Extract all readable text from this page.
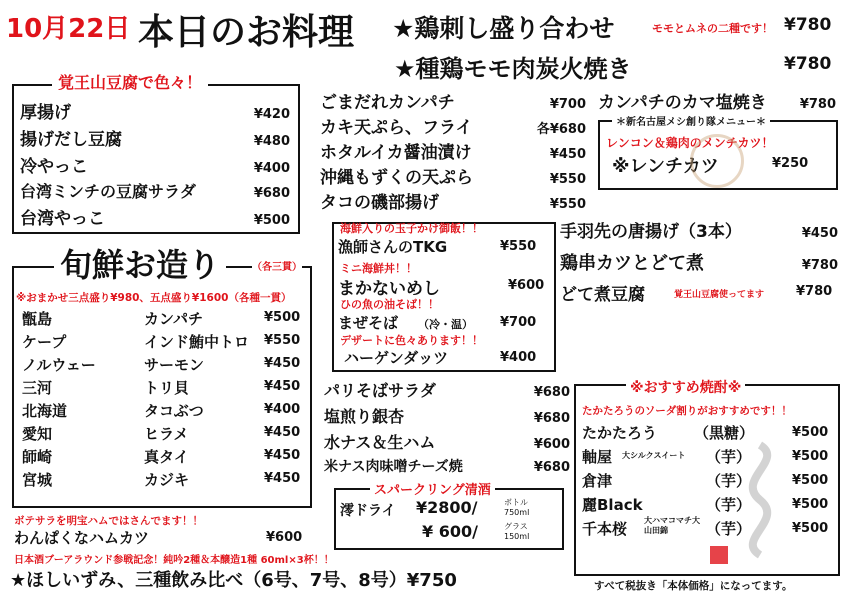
10月22日 本日のお料理 ★鶏刺し盛り合わせ	モモとムネの二種です！ ¥780
★種鶏モモ肉炭火焼き	¥780
覚王山豆腐で色々！
厚揚げ	¥420
揚げだし豆腐	¥480
冷やっこ	¥400
台湾ミンチの豆腐サラダ	¥680
台湾やっこ	¥500
ごまだれカンパチ	¥700
カキ天ぷら、フライ	各¥680
ホタルイカ醤油漬け	¥450
沖縄もずくの天ぷら	¥550
タコの磯部揚げ	¥550
カンパチのカマ塩焼き	¥780
＊新名古屋メシ創り隊メニュー＊
レンコン＆鶏肉のメンチカツ！
※レンチカツ	¥250
旬鮮お造り	（各三貫）
※おまかせ三点盛り¥980、五点盛り¥1600（各種一貫）
甑島	カンパチ	¥500
ケープ	インド鮪中トロ ¥550
ノルウェー	サーモン	¥450
三河	トリ貝	¥450
北海道	タコぶつ	¥400
愛知	ヒラメ	¥450
師崎	真タイ	¥450
宮城	カジキ	¥450
海鮮入りの玉子かけ御飯！！
漁師さんのTKG	¥550
ミニ海鮮丼！！
まかないめし	¥600
ひの魚の油そば！！
まぜそば （冷・温） ¥700
デザートに色々あります！！
ハーゲンダッツ	¥400
手羽先の唐揚げ（3本）	¥450
鶏串カツとどて煮	¥780
どて煮豆腐	覚王山豆腐使ってます ¥780
パリそばサラダ	¥680
塩煎り銀杏	¥680
水ナス＆生ハム	¥600
米ナス肉味噌チーズ焼	¥680
スパークリング清酒
澪ドライ ¥2800/	ボトル 750ml
¥ 600/	グラス 150ml
※おすすめ焼酎※
たかたろうのソーダ割りがおすすめです！！
たかたろう （黒糖）	¥500
軸屋 大シルクスイート （芋）	¥500
倉津	（芋）	¥500
麗Black	（芋）	¥500
千本桜 大ハマコマチ大山田錦	（芋）	¥500
すべて税抜き「本体価格」になってます。
ボテサラを明宝ハムではさんでます！！
わんぱくなハムカツ	¥600
日本酒ブーアラウンド参戦記念！純吟2種＆本醸造1種 60ml×3杯！！
★ほしいずみ、三種飲み比べ（6号、7号、8号）¥750
